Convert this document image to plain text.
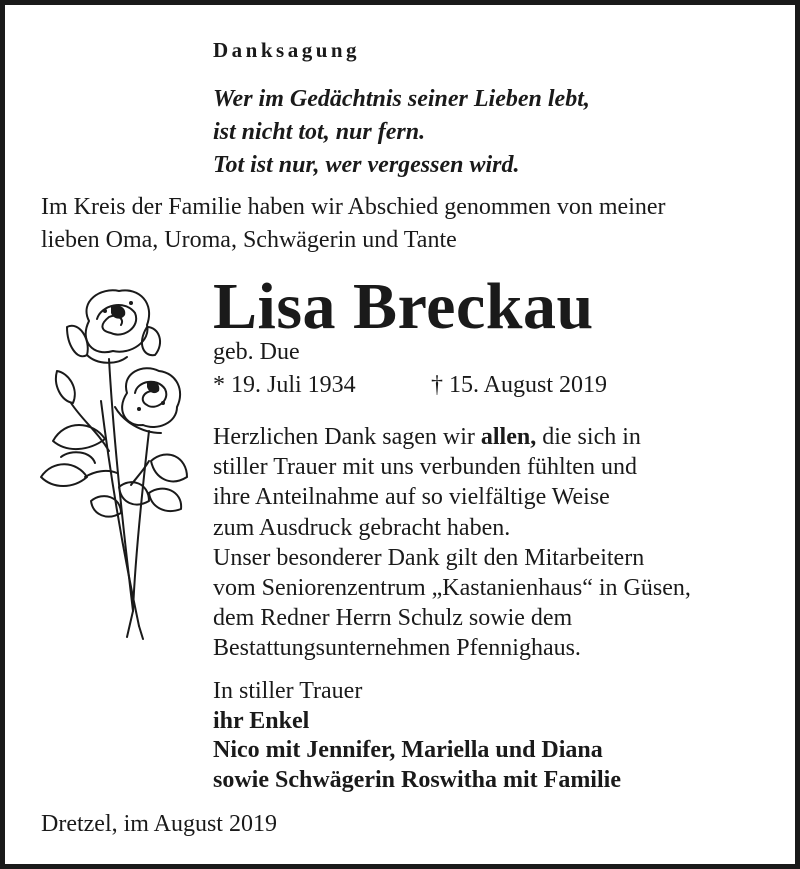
Danksagung

Wer im Gedächtnis seiner Lieben lebt,
ist nicht tot, nur fern.
Tot ist nur, wer vergessen wird.

Im Kreis der Familie haben wir Abschied genommen von meiner
lieben Oma, Uroma, Schwägerin und Tante

Lisa Breckau

geb. Due

* 19. Juli 1934	† 15. August 2019

Herzlichen Dank sagen wir allen, die sich in
stiller Trauer mit uns verbunden fühlten und
ihre Anteilnahme auf so vielfältige Weise
zum Ausdruck gebracht haben.
Unser besonderer Dank gilt den Mitarbeitern
vom Seniorenzentrum „Kastanienhaus“ in Güsen,
dem Redner Herrn Schulz sowie dem
Bestattungsunternehmen Pfennighaus.

In stiller Trauer
ihr Enkel
Nico mit Jennifer, Mariella und Diana
sowie Schwägerin Roswitha mit Familie

Dretzel, im August 2019
